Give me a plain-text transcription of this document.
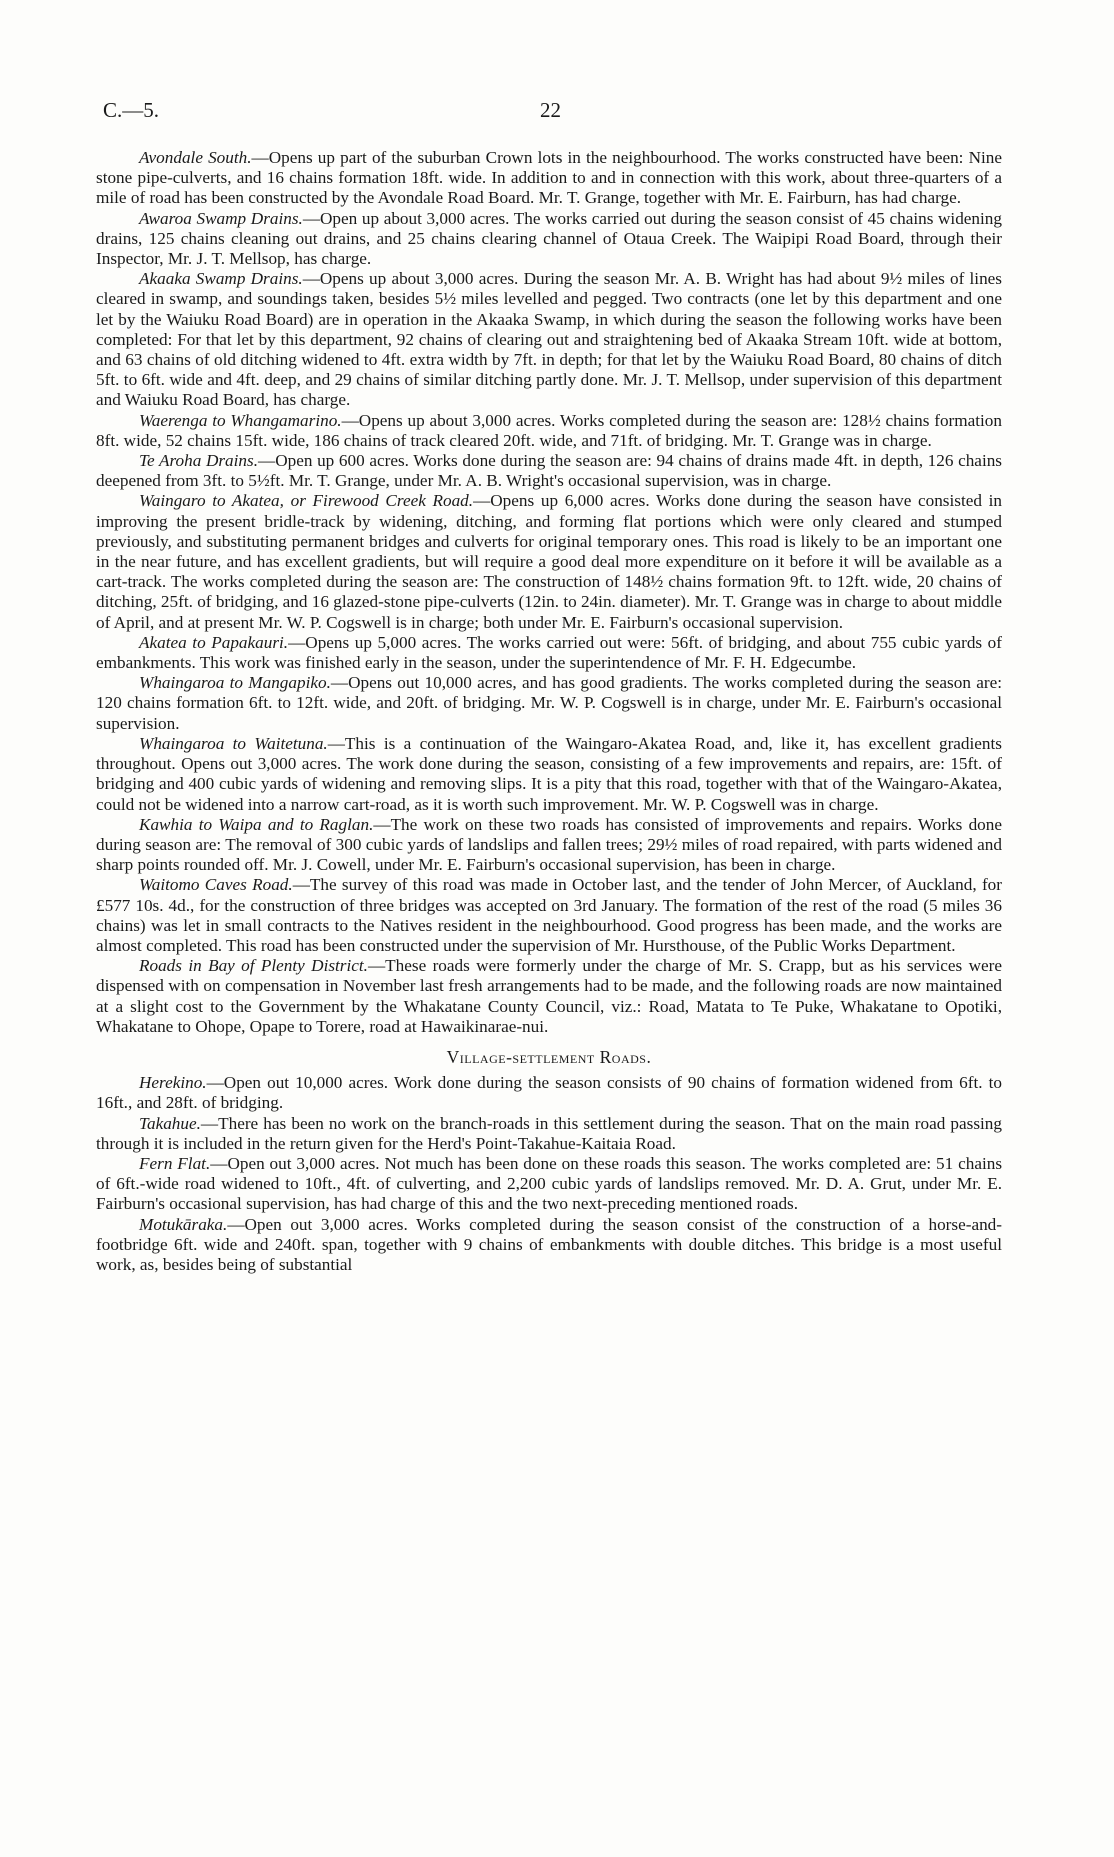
C.—5.	22

Avondale South.—Opens up part of the suburban Crown lots in the neighbourhood. The works constructed have been: Nine stone pipe-culverts, and 16 chains formation 18ft. wide. In addition to and in connection with this work, about three-quarters of a mile of road has been constructed by the Avondale Road Board. Mr. T. Grange, together with Mr. E. Fairburn, has had charge.

Awaroa Swamp Drains.—Open up about 3,000 acres. The works carried out during the season consist of 45 chains widening drains, 125 chains cleaning out drains, and 25 chains clearing channel of Otaua Creek. The Waipipi Road Board, through their Inspector, Mr. J. T. Mellsop, has charge.

Akaaka Swamp Drains.—Opens up about 3,000 acres. During the season Mr. A. B. Wright has had about 9½ miles of lines cleared in swamp, and soundings taken, besides 5½ miles levelled and pegged. Two contracts (one let by this department and one let by the Waiuku Road Board) are in operation in the Akaaka Swamp, in which during the season the following works have been completed: For that let by this department, 92 chains of clearing out and straightening bed of Akaaka Stream 10ft. wide at bottom, and 63 chains of old ditching widened to 4ft. extra width by 7ft. in depth; for that let by the Waiuku Road Board, 80 chains of ditch 5ft. to 6ft. wide and 4ft. deep, and 29 chains of similar ditching partly done. Mr. J. T. Mellsop, under supervision of this department and Waiuku Road Board, has charge.

Waerenga to Whangamarino.—Opens up about 3,000 acres. Works completed during the season are: 128½ chains formation 8ft. wide, 52 chains 15ft. wide, 186 chains of track cleared 20ft. wide, and 71ft. of bridging. Mr. T. Grange was in charge.

Te Aroha Drains.—Open up 600 acres. Works done during the season are: 94 chains of drains made 4ft. in depth, 126 chains deepened from 3ft. to 5½ft. Mr. T. Grange, under Mr. A. B. Wright's occasional supervision, was in charge.

Waingaro to Akatea, or Firewood Creek Road.—Opens up 6,000 acres. Works done during the season have consisted in improving the present bridle-track by widening, ditching, and forming flat portions which were only cleared and stumped previously, and substituting permanent bridges and culverts for original temporary ones. This road is likely to be an important one in the near future, and has excellent gradients, but will require a good deal more expenditure on it before it will be available as a cart-track. The works completed during the season are: The construction of 148½ chains formation 9ft. to 12ft. wide, 20 chains of ditching, 25ft. of bridging, and 16 glazed-stone pipe-culverts (12in. to 24in. diameter). Mr. T. Grange was in charge to about middle of April, and at present Mr. W. P. Cogswell is in charge; both under Mr. E. Fairburn's occasional supervision.

Akatea to Papakauri.—Opens up 5,000 acres. The works carried out were: 56ft. of bridging, and about 755 cubic yards of embankments. This work was finished early in the season, under the superintendence of Mr. F. H. Edgecumbe.

Whaingaroa to Mangapiko.—Opens out 10,000 acres, and has good gradients. The works completed during the season are: 120 chains formation 6ft. to 12ft. wide, and 20ft. of bridging. Mr. W. P. Cogswell is in charge, under Mr. E. Fairburn's occasional supervision.

Whaingaroa to Waitetuna.—This is a continuation of the Waingaro-Akatea Road, and, like it, has excellent gradients throughout. Opens out 3,000 acres. The work done during the season, consisting of a few improvements and repairs, are: 15ft. of bridging and 400 cubic yards of widening and removing slips. It is a pity that this road, together with that of the Waingaro-Akatea, could not be widened into a narrow cart-road, as it is worth such improvement. Mr. W. P. Cogswell was in charge.

Kawhia to Waipa and to Raglan.—The work on these two roads has consisted of improvements and repairs. Works done during season are: The removal of 300 cubic yards of landslips and fallen trees; 29½ miles of road repaired, with parts widened and sharp points rounded off. Mr. J. Cowell, under Mr. E. Fairburn's occasional supervision, has been in charge.

Waitomo Caves Road.—The survey of this road was made in October last, and the tender of John Mercer, of Auckland, for £577 10s. 4d., for the construction of three bridges was accepted on 3rd January. The formation of the rest of the road (5 miles 36 chains) was let in small contracts to the Natives resident in the neighbourhood. Good progress has been made, and the works are almost completed. This road has been constructed under the supervision of Mr. Hursthouse, of the Public Works Department.

Roads in Bay of Plenty District.—These roads were formerly under the charge of Mr. S. Crapp, but as his services were dispensed with on compensation in November last fresh arrangements had to be made, and the following roads are now maintained at a slight cost to the Government by the Whakatane County Council, viz.: Road, Matata to Te Puke, Whakatane to Opotiki, Whakatane to Ohope, Opape to Torere, road at Hawaikinarae-nui.

Village-settlement Roads.

Herekino.—Open out 10,000 acres. Work done during the season consists of 90 chains of formation widened from 6ft. to 16ft., and 28ft. of bridging.

Takahue.—There has been no work on the branch-roads in this settlement during the season. That on the main road passing through it is included in the return given for the Herd's Point-Takahue-Kaitaia Road.

Fern Flat.—Open out 3,000 acres. Not much has been done on these roads this season. The works completed are: 51 chains of 6ft.-wide road widened to 10ft., 4ft. of culverting, and 2,200 cubic yards of landslips removed. Mr. D. A. Grut, under Mr. E. Fairburn's occasional supervision, has had charge of this and the two next-preceding mentioned roads.

Motukāraka.—Open out 3,000 acres. Works completed during the season consist of the construction of a horse-and-footbridge 6ft. wide and 240ft. span, together with 9 chains of embankments with double ditches. This bridge is a most useful work, as, besides being of substantial
